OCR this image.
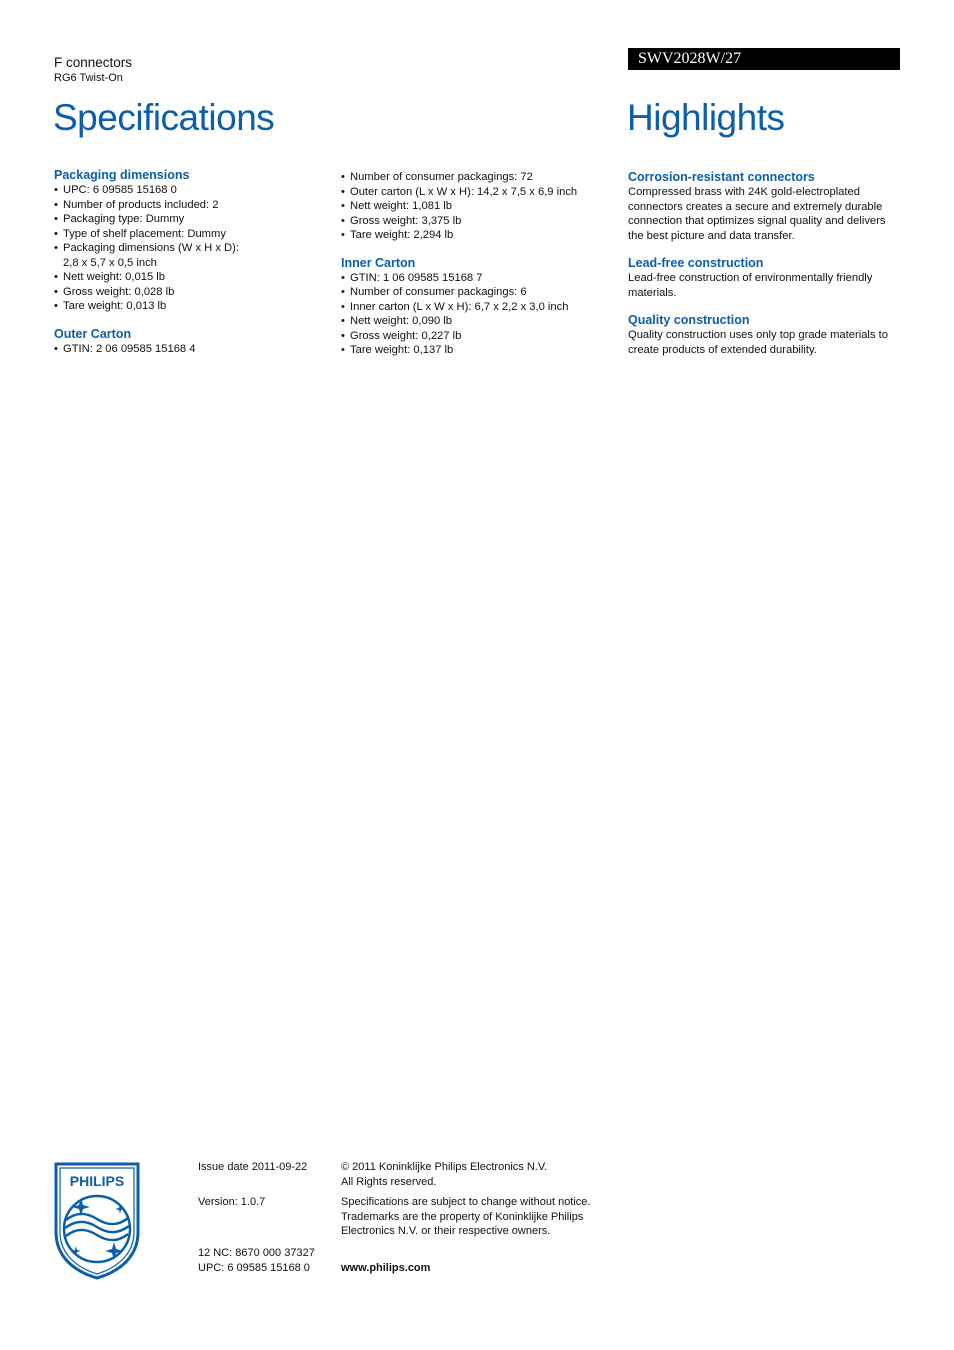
F connectors
RG6 Twist-On
SWV2028W/27
Specifications	Highlights
Packaging dimensions
• UPC: 6 09585 15168 0
• Number of products included: 2
• Packaging type: Dummy
• Type of shelf placement: Dummy
• Packaging dimensions (W x H x D): 2,8 x 5,7 x 0,5 inch
• Nett weight: 0,015 lb
• Gross weight: 0,028 lb
• Tare weight: 0,013 lb
Outer Carton
• GTIN: 2 06 09585 15168 4
• Number of consumer packagings: 72
• Outer carton (L x W x H): 14,2 x 7,5 x 6,9 inch
• Nett weight: 1,081 lb
• Gross weight: 3,375 lb
• Tare weight: 2,294 lb
Inner Carton
• GTIN: 1 06 09585 15168 7
• Number of consumer packagings: 6
• Inner carton (L x W x H): 6,7 x 2,2 x 3,0 inch
• Nett weight: 0,090 lb
• Gross weight: 0,227 lb
• Tare weight: 0,137 lb
Corrosion-resistant connectors

Compressed brass with 24K gold-electroplated connectors creates a secure and extremely durable connection that optimizes signal quality and delivers the best picture and data transfer.

Lead-free construction

Lead-free construction of environmentally friendly materials.

Quality construction

Quality construction uses only top grade materials to create products of extended durability.

PHILIPS
Issue date 2011-09-22
Version: 1.0.7
12 NC: 8670 000 37327
UPC: 6 09585 15168 0
© 2011 Koninklijke Philips Electronics N.V.
All Rights reserved.
Specifications are subject to change without notice.
Trademarks are the property of Koninklijke Philips
Electronics N.V. or their respective owners.
www.philips.com
